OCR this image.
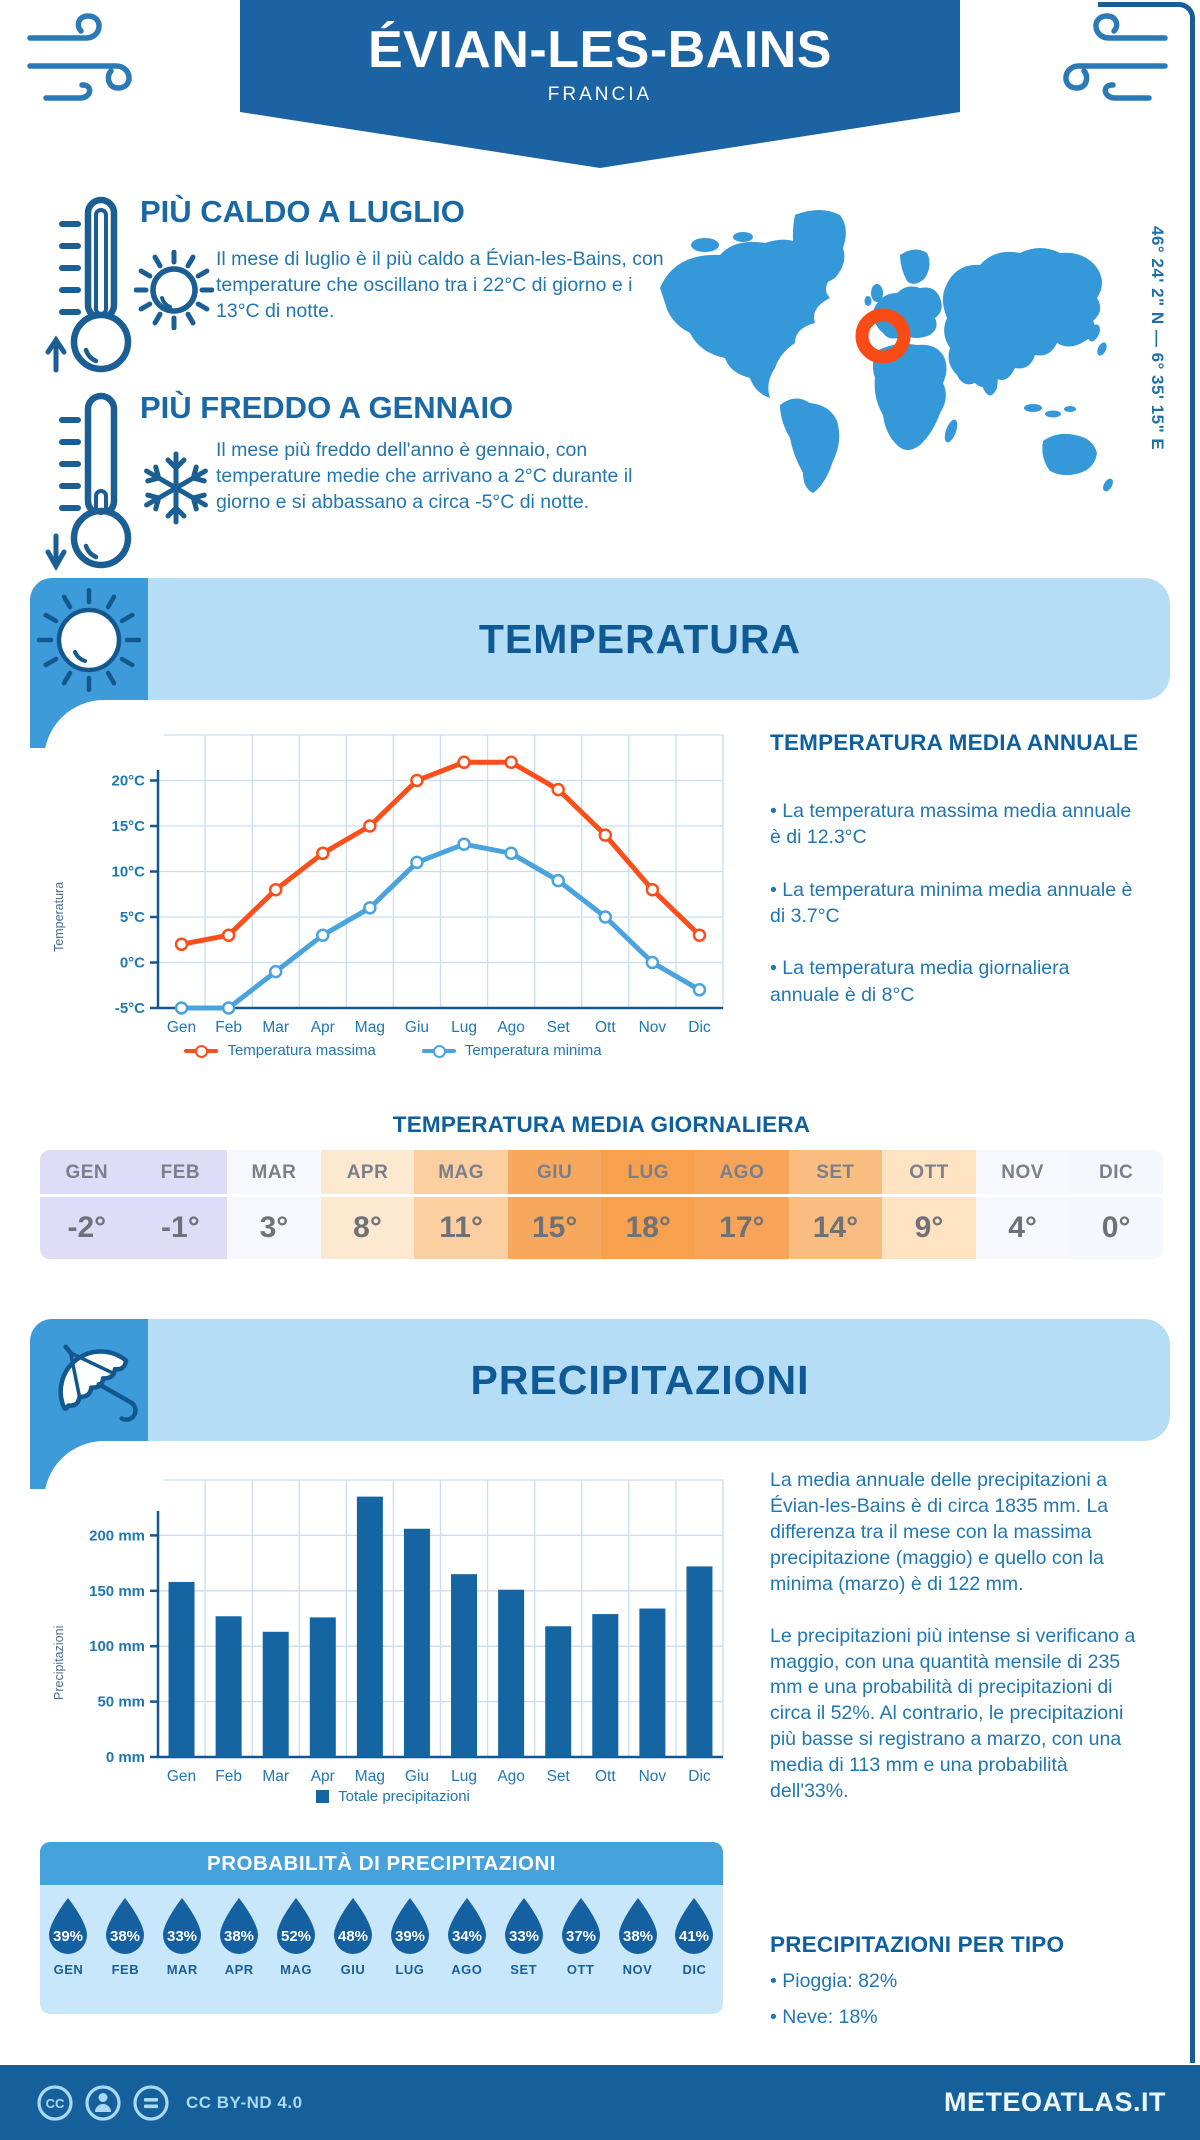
ÉVIAN-LES-BAINS
FRANCIA
PIÙ CALDO A LUGLIO
Il mese di luglio è il più caldo a Évian-les-Bains, con temperature che oscillano tra i 22°C di giorno e i 13°C di notte.
PIÙ FREDDO A GENNAIO
Il mese più freddo dell'anno è gennaio, con temperature medie che arrivano a 2°C durante il giorno e si abbassano a circa -5°C di notte.
46° 24' 2" N — 6° 35' 15" E
TEMPERATURA
-5°C
0°C
5°C
10°C
15°C
20°C
Gen Feb Mar Apr Mag Giu Lug Ago Set Ott Nov Dic
Temperatura
Temperatura massima	Temperatura minima
TEMPERATURA MEDIA ANNUALE
• La temperatura massima media annuale è di 12.3°C
• La temperatura minima media annuale è di 3.7°C
• La temperatura media giornaliera annuale è di 8°C
TEMPERATURA MEDIA GIORNALIERA
GEN
-2°
FEB
-1°
MAR
3°
APR
8°
MAG
11°
GIU
15°
LUG
18°
AGO
17°
SET
14°
OTT
9°
NOV
4°
DIC
0°
PRECIPITAZIONI
0 mm
50 mm
100 mm
150 mm
200 mm
Gen Feb Mar Apr Mag Giu Lug Ago Set Ott Nov Dic
Precipitazioni
Totale precipitazioni

La media annuale delle precipitazioni a Évian-les-Bains è di circa 1835 mm. La differenza tra il mese con la massima precipitazione (maggio) e quello con la minima (marzo) è di 122 mm.

Le precipitazioni più intense si verificano a maggio, con una quantità mensile di 235 mm e una probabilità di precipitazioni di circa il 52%. Al contrario, le precipitazioni più basse si registrano a marzo, con una media di 113 mm e una probabilità dell'33%.

PROBABILITÀ DI PRECIPITAZIONI
39%
GEN
38%
FEB
33%
MAR
38%
APR
52%
MAG
48%
GIU
39%
LUG
34%
AGO
33%
SET
37%
OTT
38%
NOV
41%
DIC
PRECIPITAZIONI PER TIPO
• Pioggia: 82%
• Neve: 18%
CC	CC BY-ND 4.0	METEOATLAS.IT
